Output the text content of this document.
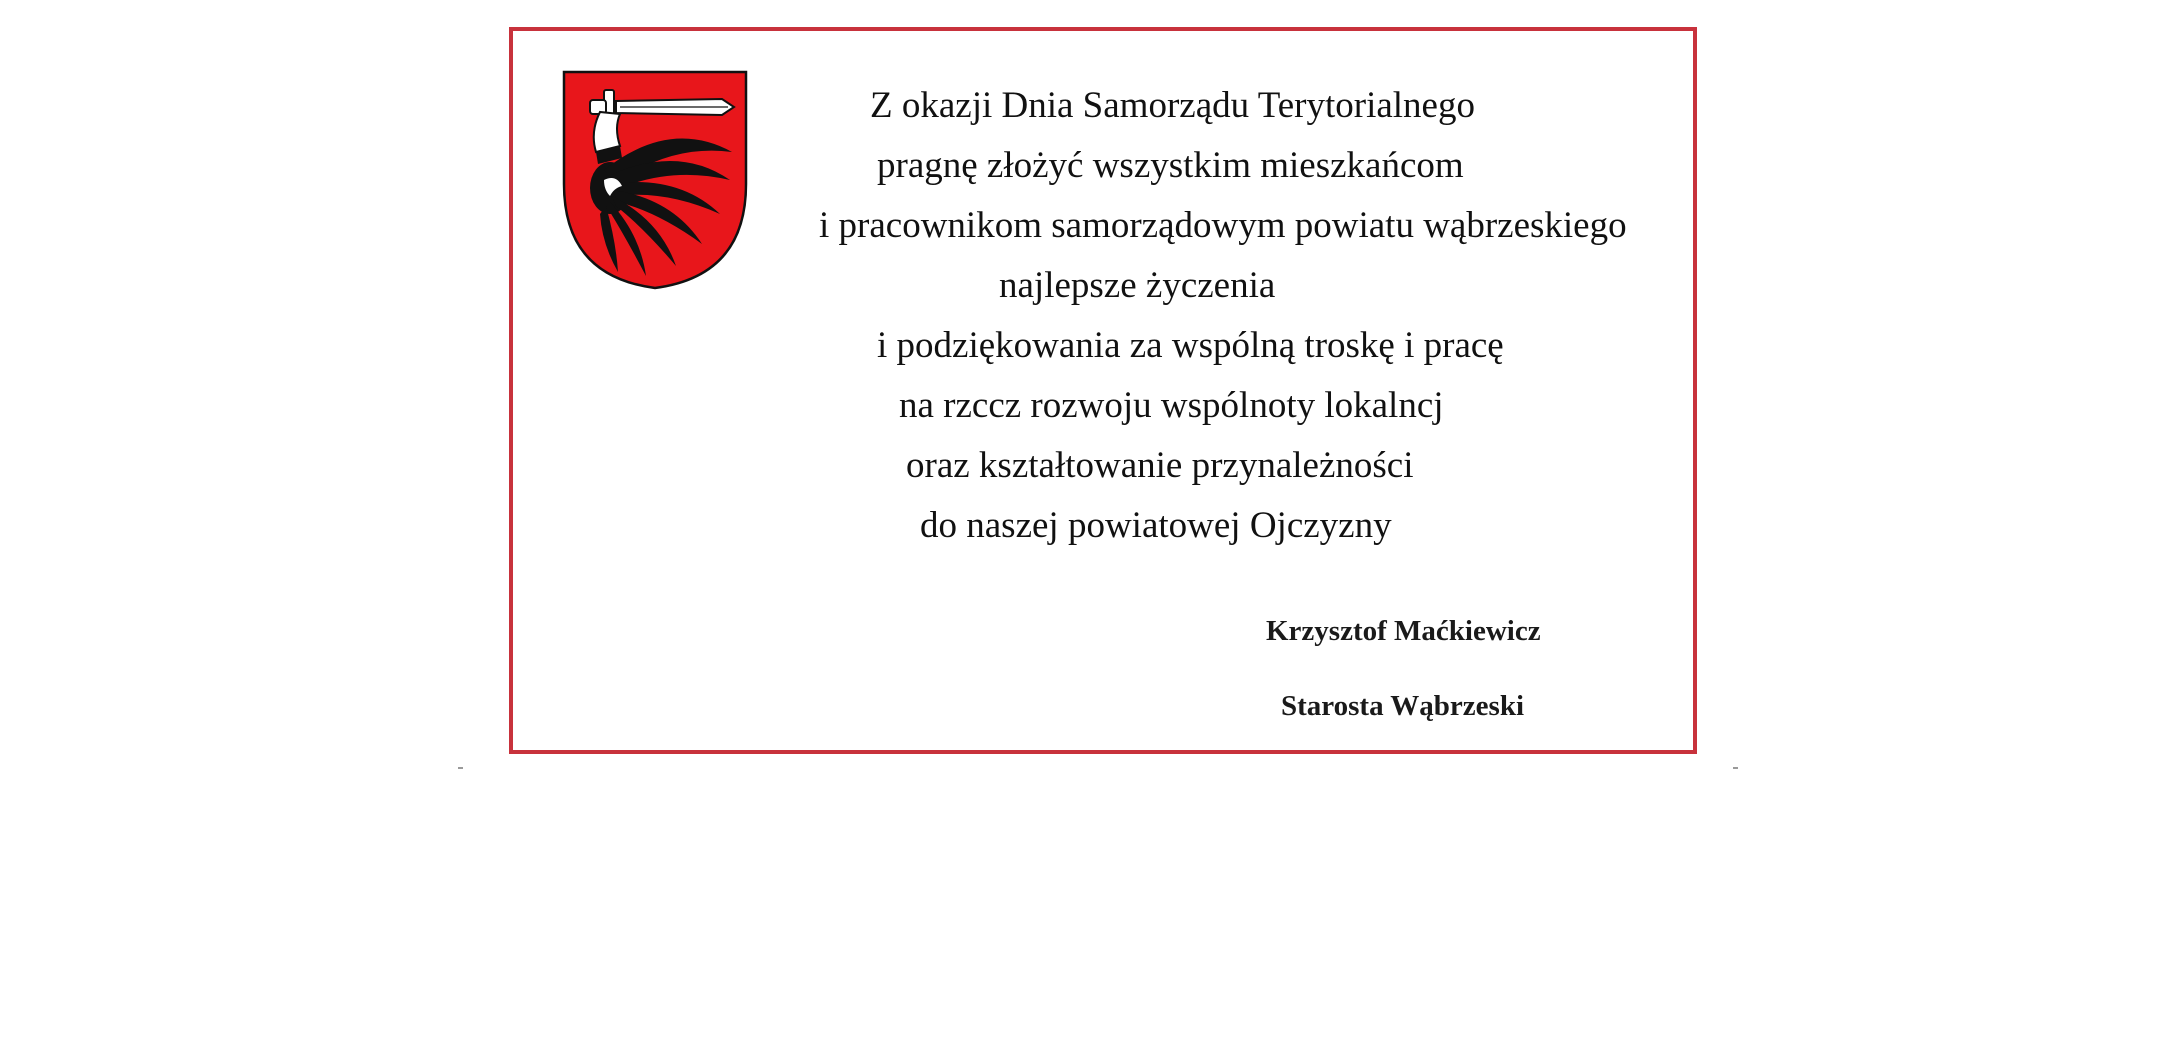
Z okazji Dnia Samorządu Terytorialnego
pragnę złożyć wszystkim mieszkańcom
i pracownikom samorządowym powiatu wąbrzeskiego
najlepsze życzenia
i podziękowania za wspólną troskę i pracę
na rzccz rozwoju wspólnoty lokalncj
oraz kształtowanie przynależności
do naszej powiatowej Ojczyzny
Krzysztof Maćkiewicz
Starosta Wąbrzeski
